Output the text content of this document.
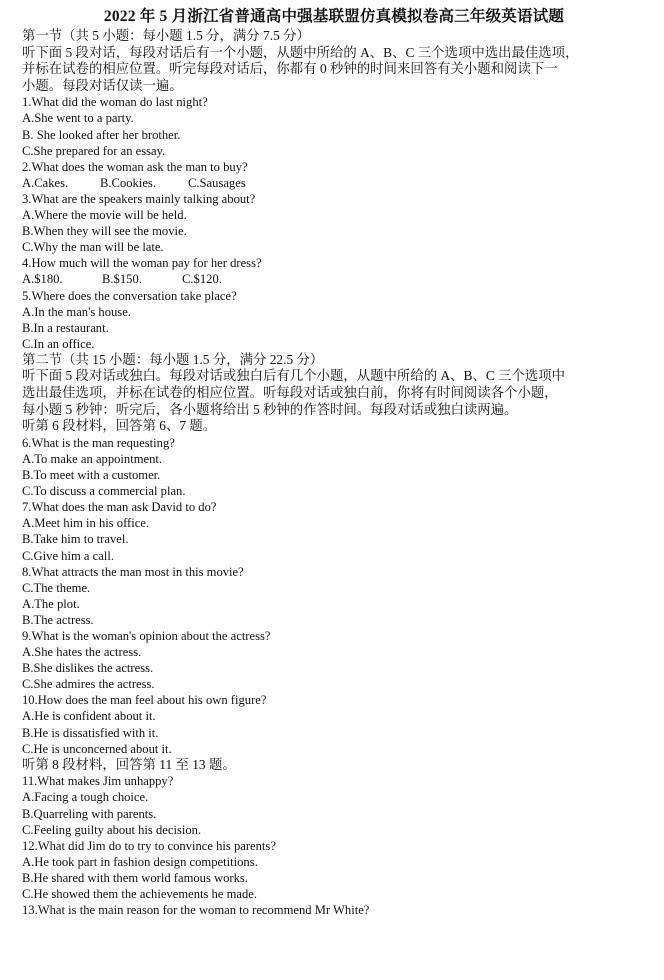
2022 年 5 月浙江省普通高中强基联盟仿真模拟卷高三年级英语试题
第一节（共 5 小题：每小题 1.5 分，满分 7.5 分）
听下面 5 段对话，每段对话后有一个小题，从题中所给的 A、B、C 三个选项中选出最佳选项，
并标在试卷的相应位置。听完每段对话后，你都有 0 秒钟的时间来回答有关小题和阅读下一
小题。每段对话仅读一遍。
1.What did the woman do last night?
A.She went to a party.
B. She looked after her brother.
C.She prepared for an essay.
2.What does the woman ask the man to buy?
A.Cakes.	B.Cookies.	C.Sausages
3.What are the speakers mainly talking about?
A.Where the movie will be held.
B.When they will see the movie.
C.Why the man will be late.
4.How much will the woman pay for her dress?
A.$180.	B.$150.	C.$120.
5.Where does the conversation take place?
A.In the man's house.
B.In a restaurant.
C.In an office.
第二节（共 15 小题：每小题 1.5 分，满分 22.5 分）
听下面 5 段对话或独白。每段对话或独白后有几个小题，从题中所给的 A、B、C 三个选项中
选出最佳选项，并标在试卷的相应位置。听每段对话或独白前，你将有时间阅读各个小题，
每小题 5 秒钟：听完后，各小题将给出 5 秒钟的作答时间。每段对话或独白读两遍。
听第 6 段材料，回答第 6、7 题。
6.What is the man requesting?
A.To make an appointment.
B.To meet with a customer.
C.To discuss a commercial plan.
7.What does the man ask David to do?
A.Meet him in his office.
B.Take him to travel.
C.Give him a call.
8.What attracts the man most in this movie?
C.The theme.
A.The plot.
B.The actress.
9.What is the woman's opinion about the actress?
A.She hates the actress.
B.She dislikes the actress.
C.She admires the actress.
10.How does the man feel about his own figure?
A.He is confident about it.
B.He is dissatisfied with it.
C.He is unconcerned about it.
听第 8 段材料，回答第 11 至 13 题。
11.What makes Jim unhappy?
A.Facing a tough choice.
B.Quarreling with parents.
C.Feeling guilty about his decision.
12.What did Jim do to try to convince his parents?
A.He took part in fashion design competitions.
B.He shared with them world famous works.
C.He showed them the achievements he made.
13.What is the main reason for the woman to recommend Mr White?
